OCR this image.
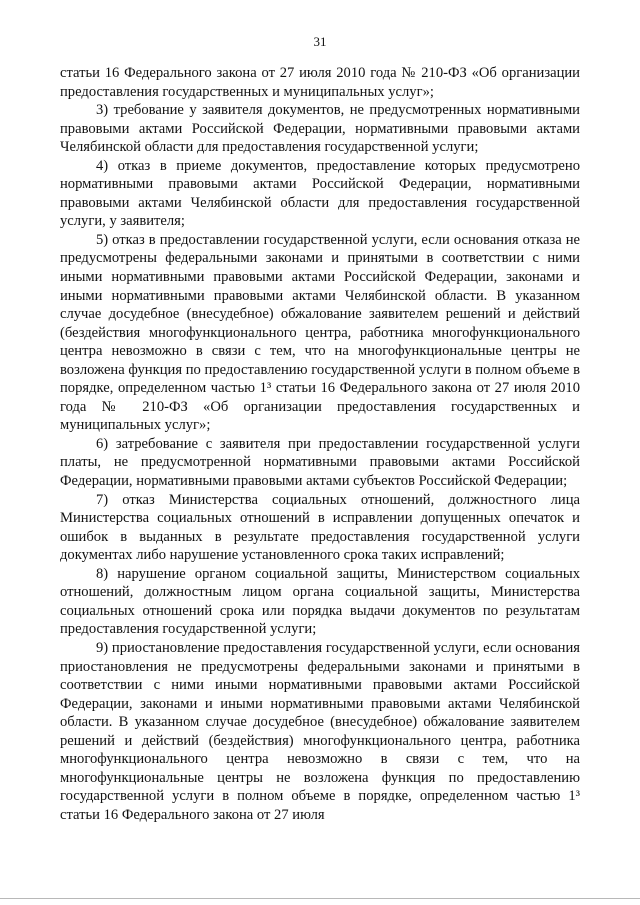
31

статьи 16 Федерального закона от 27 июля 2010 года № 210-ФЗ «Об организации предоставления государственных и муниципальных услуг»;

3) требование у заявителя документов, не предусмотренных нормативными правовыми актами Российской Федерации, нормативными правовыми актами Челябинской области для предоставления государственной услуги;

4) отказ в приеме документов, предоставление которых предусмотрено нормативными правовыми актами Российской Федерации, нормативными правовыми актами Челябинской области для предоставления государственной услуги, у заявителя;

5) отказ в предоставлении государственной услуги, если основания отказа не предусмотрены федеральными законами и принятыми в соответствии с ними иными нормативными правовыми актами Российской Федерации, законами и иными нормативными правовыми актами Челябинской области. В указанном случае досудебное (внесудебное) обжалование заявителем решений и действий (бездействия многофункционального центра, работника многофункционального центра невозможно в связи с тем, что на многофункциональные центры не возложена функция по предоставлению государственной услуги в полном объеме в порядке, определенном частью 1³ статьи 16 Федерального закона от 27 июля 2010 года № 210-ФЗ «Об организации предоставления государственных и муниципальных услуг»;

6) затребование с заявителя при предоставлении государственной услуги платы, не предусмотренной нормативными правовыми актами Российской Федерации, нормативными правовыми актами субъектов Российской Федерации;

7) отказ Министерства социальных отношений, должностного лица Министерства социальных отношений в исправлении допущенных опечаток и ошибок в выданных в результате предоставления государственной услуги документах либо нарушение установленного срока таких исправлений;

8) нарушение органом социальной защиты, Министерством социальных отношений, должностным лицом органа социальной защиты, Министерства социальных отношений срока или порядка выдачи документов по результатам предоставления государственной услуги;

9) приостановление предоставления государственной услуги, если основания приостановления не предусмотрены федеральными законами и принятыми в соответствии с ними иными нормативными правовыми актами Российской Федерации, законами и иными нормативными правовыми актами Челябинской области. В указанном случае досудебное (внесудебное) обжалование заявителем решений и действий (бездействия) многофункционального центра, работника многофункционального центра невозможно в связи с тем, что на многофункциональные центры не возложена функция по предоставлению государственной услуги в полном объеме в порядке, определенном частью 1³ статьи 16 Федерального закона от 27 июля
